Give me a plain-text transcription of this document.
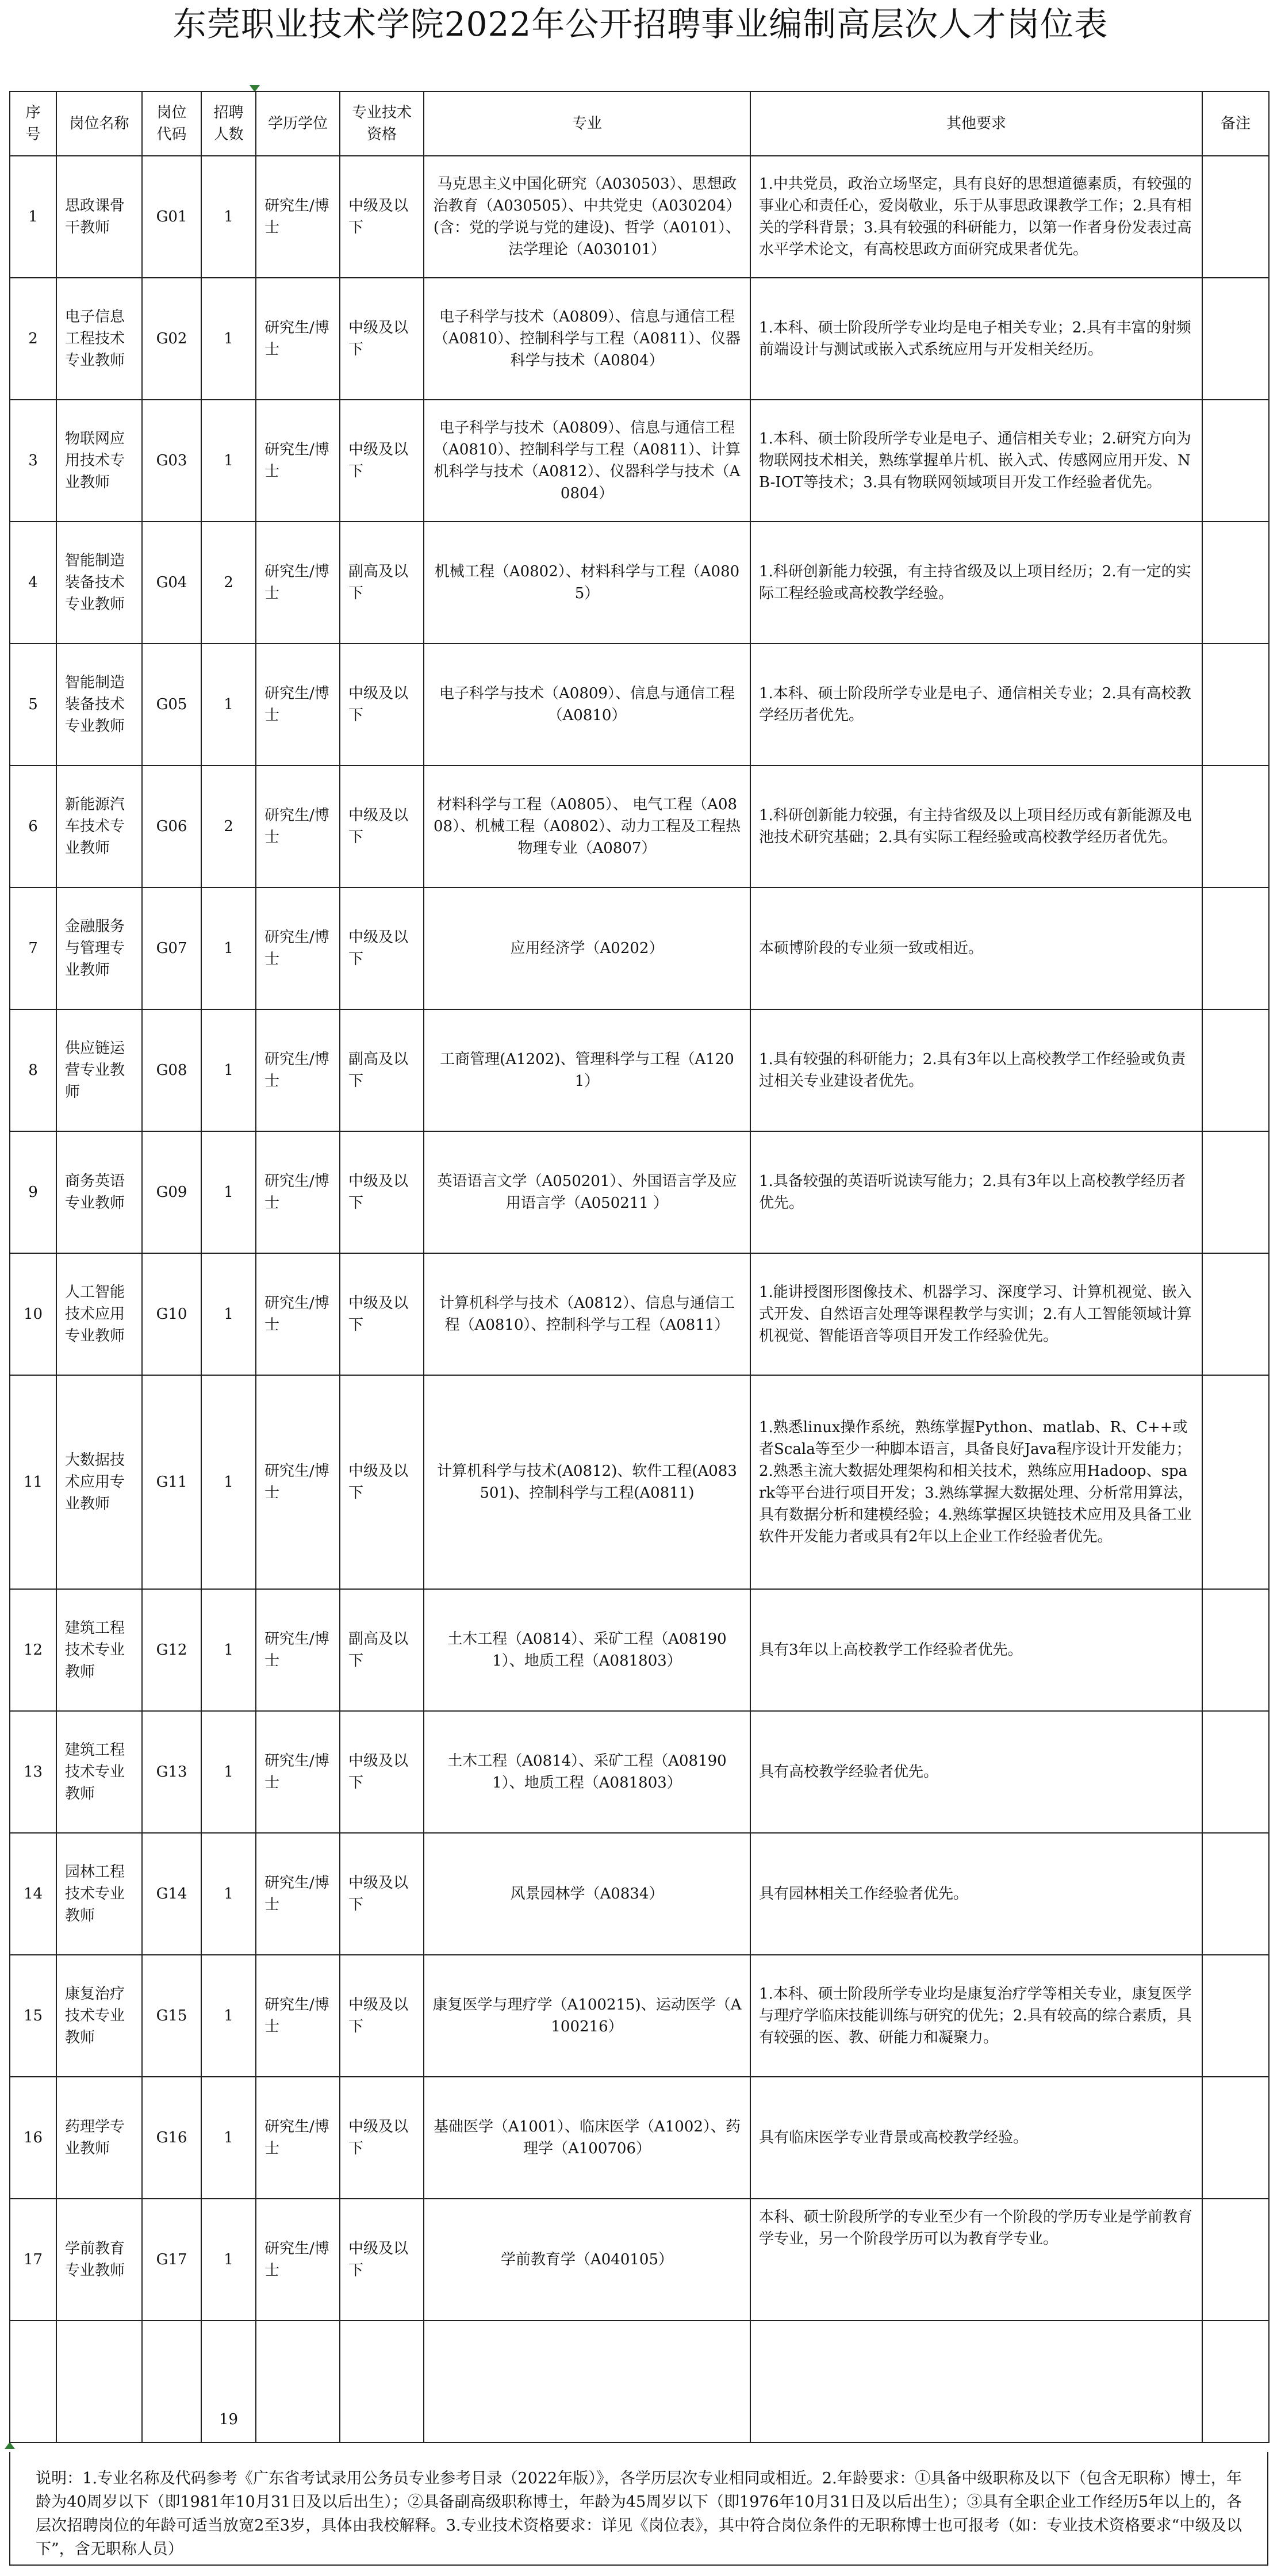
东莞职业技术学院2022年公开招聘事业编制高层次人才岗位表
序号	岗位名称	岗位代码	招聘人数	学历学位	专业技术资格	专业	其他要求	备注
1	思政课骨干教师	G01	1	研究生/博士	中级及以下	马克思主义中国化研究（A030503）、思想政治教育（A030505）、中共党史（A030204）(含：党的学说与党的建设)、哲学（A0101）、法学理论（A030101）	1.中共党员，政治立场坚定，具有良好的思想道德素质，有较强的事业心和责任心，爱岗敬业，乐于从事思政课教学工作；2.具有相关的学科背景；3.具有较强的科研能力，以第一作者身份发表过高水平学术论文，有高校思政方面研究成果者优先。	
2	电子信息工程技术专业教师	G02	1	研究生/博士	中级及以下	电子科学与技术（A0809）、信息与通信工程（A0810）、控制科学与工程（A0811）、仪器科学与技术（A0804）	1.本科、硕士阶段所学专业均是电子相关专业；2.具有丰富的射频前端设计与测试或嵌入式系统应用与开发相关经历。	
3	物联网应用技术专业教师	G03	1	研究生/博士	中级及以下	电子科学与技术（A0809）、信息与通信工程（A0810）、控制科学与工程（A0811）、计算机科学与技术（A0812）、仪器科学与技术（A0804）	1.本科、硕士阶段所学专业是电子、通信相关专业；2.研究方向为物联网技术相关，熟练掌握单片机、嵌入式、传感网应用开发、NB-IOT等技术；3.具有物联网领域项目开发工作经验者优先。	
4	智能制造装备技术专业教师	G04	2	研究生/博士	副高及以下	机械工程（A0802）、材料科学与工程（A0805）	1.科研创新能力较强，有主持省级及以上项目经历；2.有一定的实际工程经验或高校教学经验。	
5	智能制造装备技术专业教师	G05	1	研究生/博士	中级及以下	电子科学与技术（A0809）、信息与通信工程（A0810）	1.本科、硕士阶段所学专业是电子、通信相关专业；2.具有高校教学经历者优先。	
6	新能源汽车技术专业教师	G06	2	研究生/博士	中级及以下	材料科学与工程（A0805）、 电气工程（A0808）、机械工程（A0802）、动力工程及工程热物理专业（A0807）	1.科研创新能力较强，有主持省级及以上项目经历或有新能源及电池技术研究基础；2.具有实际工程经验或高校教学经历者优先。	
7	金融服务与管理专业教师	G07	1	研究生/博士	中级及以下	应用经济学（A0202）	本硕博阶段的专业须一致或相近。	
8	供应链运营专业教师	G08	1	研究生/博士	副高及以下	工商管理(A1202)、管理科学与工程（A1201）	1.具有较强的科研能力；2.具有3年以上高校教学工作经验或负责过相关专业建设者优先。	
9	商务英语专业教师	G09	1	研究生/博士	中级及以下	英语语言文学（A050201）、外国语言学及应用语言学（A050211 ）	1.具备较强的英语听说读写能力；2.具有3年以上高校教学经历者优先。	
10	人工智能技术应用专业教师	G10	1	研究生/博士	中级及以下	计算机科学与技术（A0812）、信息与通信工程（A0810）、控制科学与工程（A0811）	1.能讲授图形图像技术、机器学习、深度学习、计算机视觉、嵌入式开发、自然语言处理等课程教学与实训；2.有人工智能领域计算机视觉、智能语音等项目开发工作经验优先。	
11	大数据技术应用专业教师	G11	1	研究生/博士	中级及以下	计算机科学与技术(A0812)、软件工程(A083501)、控制科学与工程(A0811)	1.熟悉linux操作系统，熟练掌握Python、matlab、R、C++或者Scala等至少一种脚本语言，具备良好Java程序设计开发能力；2.熟悉主流大数据处理架构和相关技术，熟练应用Hadoop、spark等平台进行项目开发；3.熟练掌握大数据处理、分析常用算法，具有数据分析和建模经验；4.熟练掌握区块链技术应用及具备工业软件开发能力者或具有2年以上企业工作经验者优先。	
12	建筑工程技术专业教师	G12	1	研究生/博士	副高及以下	土木工程（A0814）、采矿工程（A081901）、地质工程（A081803）	具有3年以上高校教学工作经验者优先。	
13	建筑工程技术专业教师	G13	1	研究生/博士	中级及以下	土木工程（A0814）、采矿工程（A081901）、地质工程（A081803）	具有高校教学经验者优先。	
14	园林工程技术专业教师	G14	1	研究生/博士	中级及以下	风景园林学（A0834）	具有园林相关工作经验者优先。	
15	康复治疗技术专业教师	G15	1	研究生/博士	中级及以下	康复医学与理疗学（A100215)、运动医学（A100216）	1.本科、硕士阶段所学专业均是康复治疗学等相关专业，康复医学与理疗学临床技能训练与研究的优先；2.具有较高的综合素质，具有较强的医、教、研能力和凝聚力。	
16	药理学专业教师	G16	1	研究生/博士	中级及以下	基础医学（A1001）、临床医学（A1002）、药理学（A100706）	具有临床医学专业背景或高校教学经验。	
17	学前教育专业教师	G17	1	研究生/博士	中级及以下	学前教育学（A040105）	本科、硕士阶段所学的专业至少有一个阶段的学历专业是学前教育学专业，另一个阶段学历可以为教育学专业。	
			19					
说明：1.专业名称及代码参考《广东省考试录用公务员专业参考目录（2022年版）》，各学历层次专业相同或相近。2.年龄要求：①具备中级职称及以下（包含无职称）博士，年龄为40周岁以下（即1981年10月31日及以后出生）；②具备副高级职称博士，年龄为45周岁以下（即1976年10月31日及以后出生）；③具有全职企业工作经历5年以上的，各层次招聘岗位的年龄可适当放宽2至3岁，具体由我校解释。3.专业技术资格要求：详见《岗位表》，其中符合岗位条件的无职称博士也可报考（如：专业技术资格要求“中级及以下”，含无职称人员）
